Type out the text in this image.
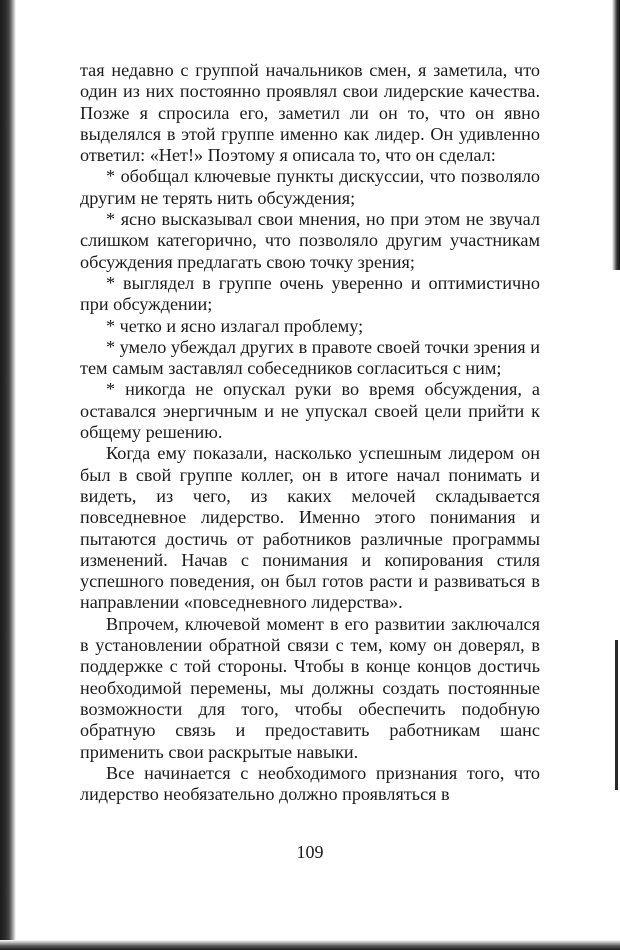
тая недавно с группой начальников смен, я заметила, что один из них постоянно проявлял свои лидерские качества. Позже я спросила его, заметил ли он то, что он явно выделялся в этой группе именно как лидер. Он удивленно ответил: «Нет!» Поэтому я описала то, что он сделал:

* обобщал ключевые пункты дискуссии, что позволяло другим не терять нить обсуждения;

* ясно высказывал свои мнения, но при этом не звучал слишком категорично, что позволяло другим участникам обсуждения предлагать свою точку зрения;

* выглядел в группе очень уверенно и оптимистично при обсуждении;

* четко и ясно излагал проблему;

* умело убеждал других в правоте своей точки зрения и тем самым заставлял собеседников согласиться с ним;

* никогда не опускал руки во время обсуждения, а оставался энергичным и не упускал своей цели прийти к общему решению.

Когда ему показали, насколько успешным лидером он был в свой группе коллег, он в итоге начал понимать и видеть, из чего, из каких мелочей складывается повседневное лидерство. Именно этого понимания и пытаются достичь от работников различные программы изменений. Начав с понимания и копирования стиля успешного поведения, он был готов расти и развиваться в направлении «повседневного лидерства».

Впрочем, ключевой момент в его развитии заключался в установлении обратной связи с тем, кому он доверял, в поддержке с той стороны. Чтобы в конце концов достичь необходимой перемены, мы должны создать постоянные возможности для того, чтобы обеспечить подобную обратную связь и предоставить работникам шанс применить свои раскрытые навыки.

Все начинается с необходимого признания того, что лидерство необязательно должно проявляться в

109
